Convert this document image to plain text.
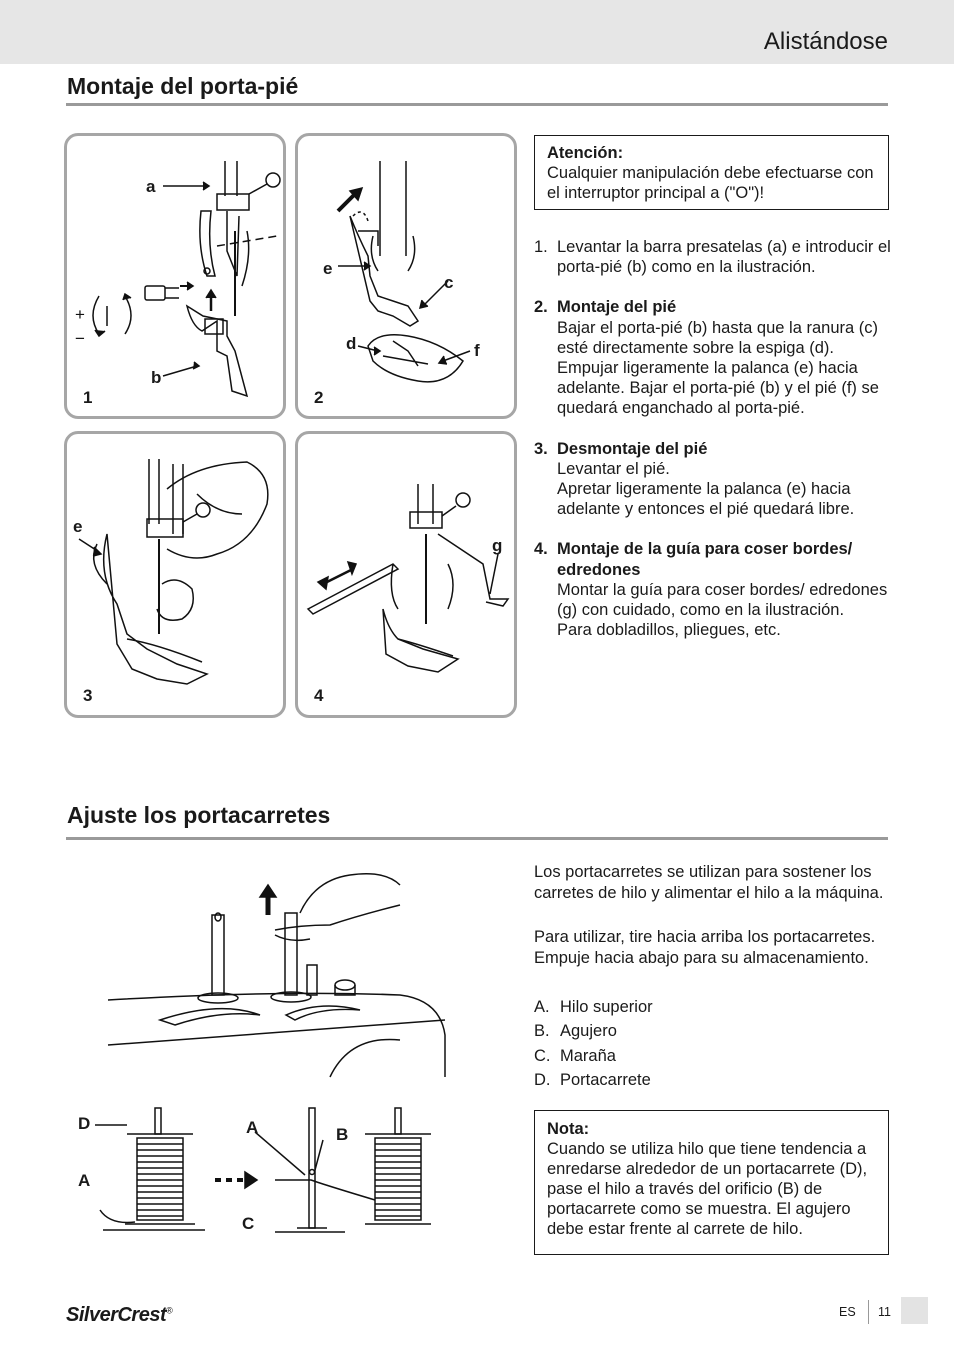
Alistándose
Montaje del porta-pié
+
−
a
b
1
e
c
d	f
2
e
3
g
4
Atención:
Cualquier manipulación debe efectuarse con el interruptor principal a ("O")!
1. Levantar la barra presatelas (a) e introducir el porta-pié (b) como en la ilustración.
2. Montaje del pié
Bajar el porta-pié (b) hasta que la ranura (c) esté directamente sobre la espiga (d). Empujar ligeramente la palanca (e) hacia adelante. Bajar el porta-pié (b) y el pié (f) se quedará enganchado al porta-pié.
3. Desmontaje del pié
Levantar el pié.
Apretar ligeramente la palanca (e) hacia adelante y entonces el pié quedará libre.
4. Montaje de la guía para coser bordes/ edredones
Montar la guía para coser bordes/ edredones (g) con cuidado, como en la ilustración.
Para dobladillos, pliegues, etc.
Ajuste los portacarretes
D
A
A	B
C
Los portacarretes se utilizan para sostener los carretes de hilo y alimentar el hilo a la máquina.
Para utilizar, tire hacia arriba los portacarretes. Empuje hacia abajo para su almacenamiento.
A. Hilo superior
B. Agujero
C. Maraña
D. Portacarrete
Nota:
Cuando se utiliza hilo que tiene tendencia a enredarse alrededor de un portacarrete (D), pase el hilo a través del orificio (B) de portacarrete como se muestra. El agujero debe estar frente al carrete de hilo.
SilverCrest®	ES 11
